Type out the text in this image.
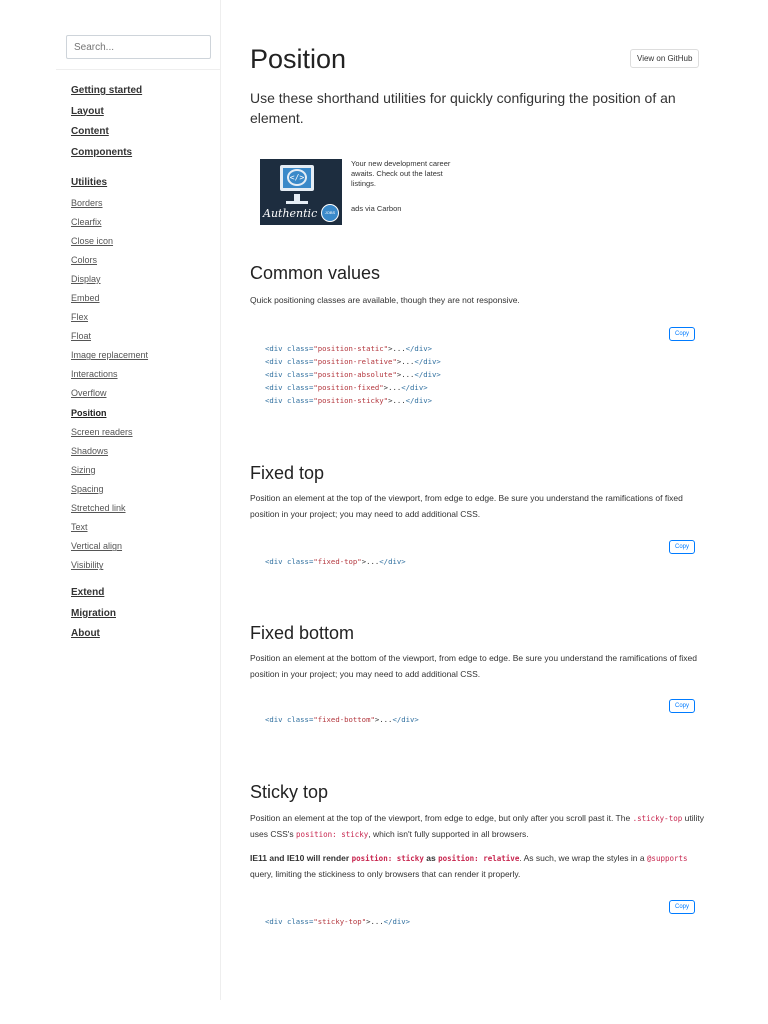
Search...
Getting started
Layout
Content
Components
Utilities
Borders
Clearfix
Close icon
Colors
Display
Embed
Flex
Float
Image replacement
Interactions
Overflow
Position
Screen readers
Shadows
Sizing
Spacing
Stretched link
Text
Vertical align
Visibility
Extend
Migration
About
Position	View on GitHub

Use these shorthand utilities for quickly configuring the position of an element.

</>
Authentic	JOBS
Your new development career awaits. Check out the latest listings.
ads via Carbon
Common values

Quick positioning classes are available, though they are not responsive.

Copy
<div class="position-static">...</div>
<div class="position-relative">...</div>
<div class="position-absolute">...</div>
<div class="position-fixed">...</div>
<div class="position-sticky">...</div>
Fixed top

Position an element at the top of the viewport, from edge to edge. Be sure you understand the ramifications of fixed position in your project; you may need to add additional CSS.

Copy
<div class="fixed-top">...</div>
Fixed bottom

Position an element at the bottom of the viewport, from edge to edge. Be sure you understand the ramifications of fixed position in your project; you may need to add additional CSS.

Copy
<div class="fixed-bottom">...</div>
Sticky top

Position an element at the top of the viewport, from edge to edge, but only after you scroll past it. The .sticky-top utility uses CSS's position: sticky, which isn't fully supported in all browsers.

IE11 and IE10 will render position: sticky as position: relative. As such, we wrap the styles in a @supports query, limiting the stickiness to only browsers that can render it properly.

Copy
<div class="sticky-top">...</div>
